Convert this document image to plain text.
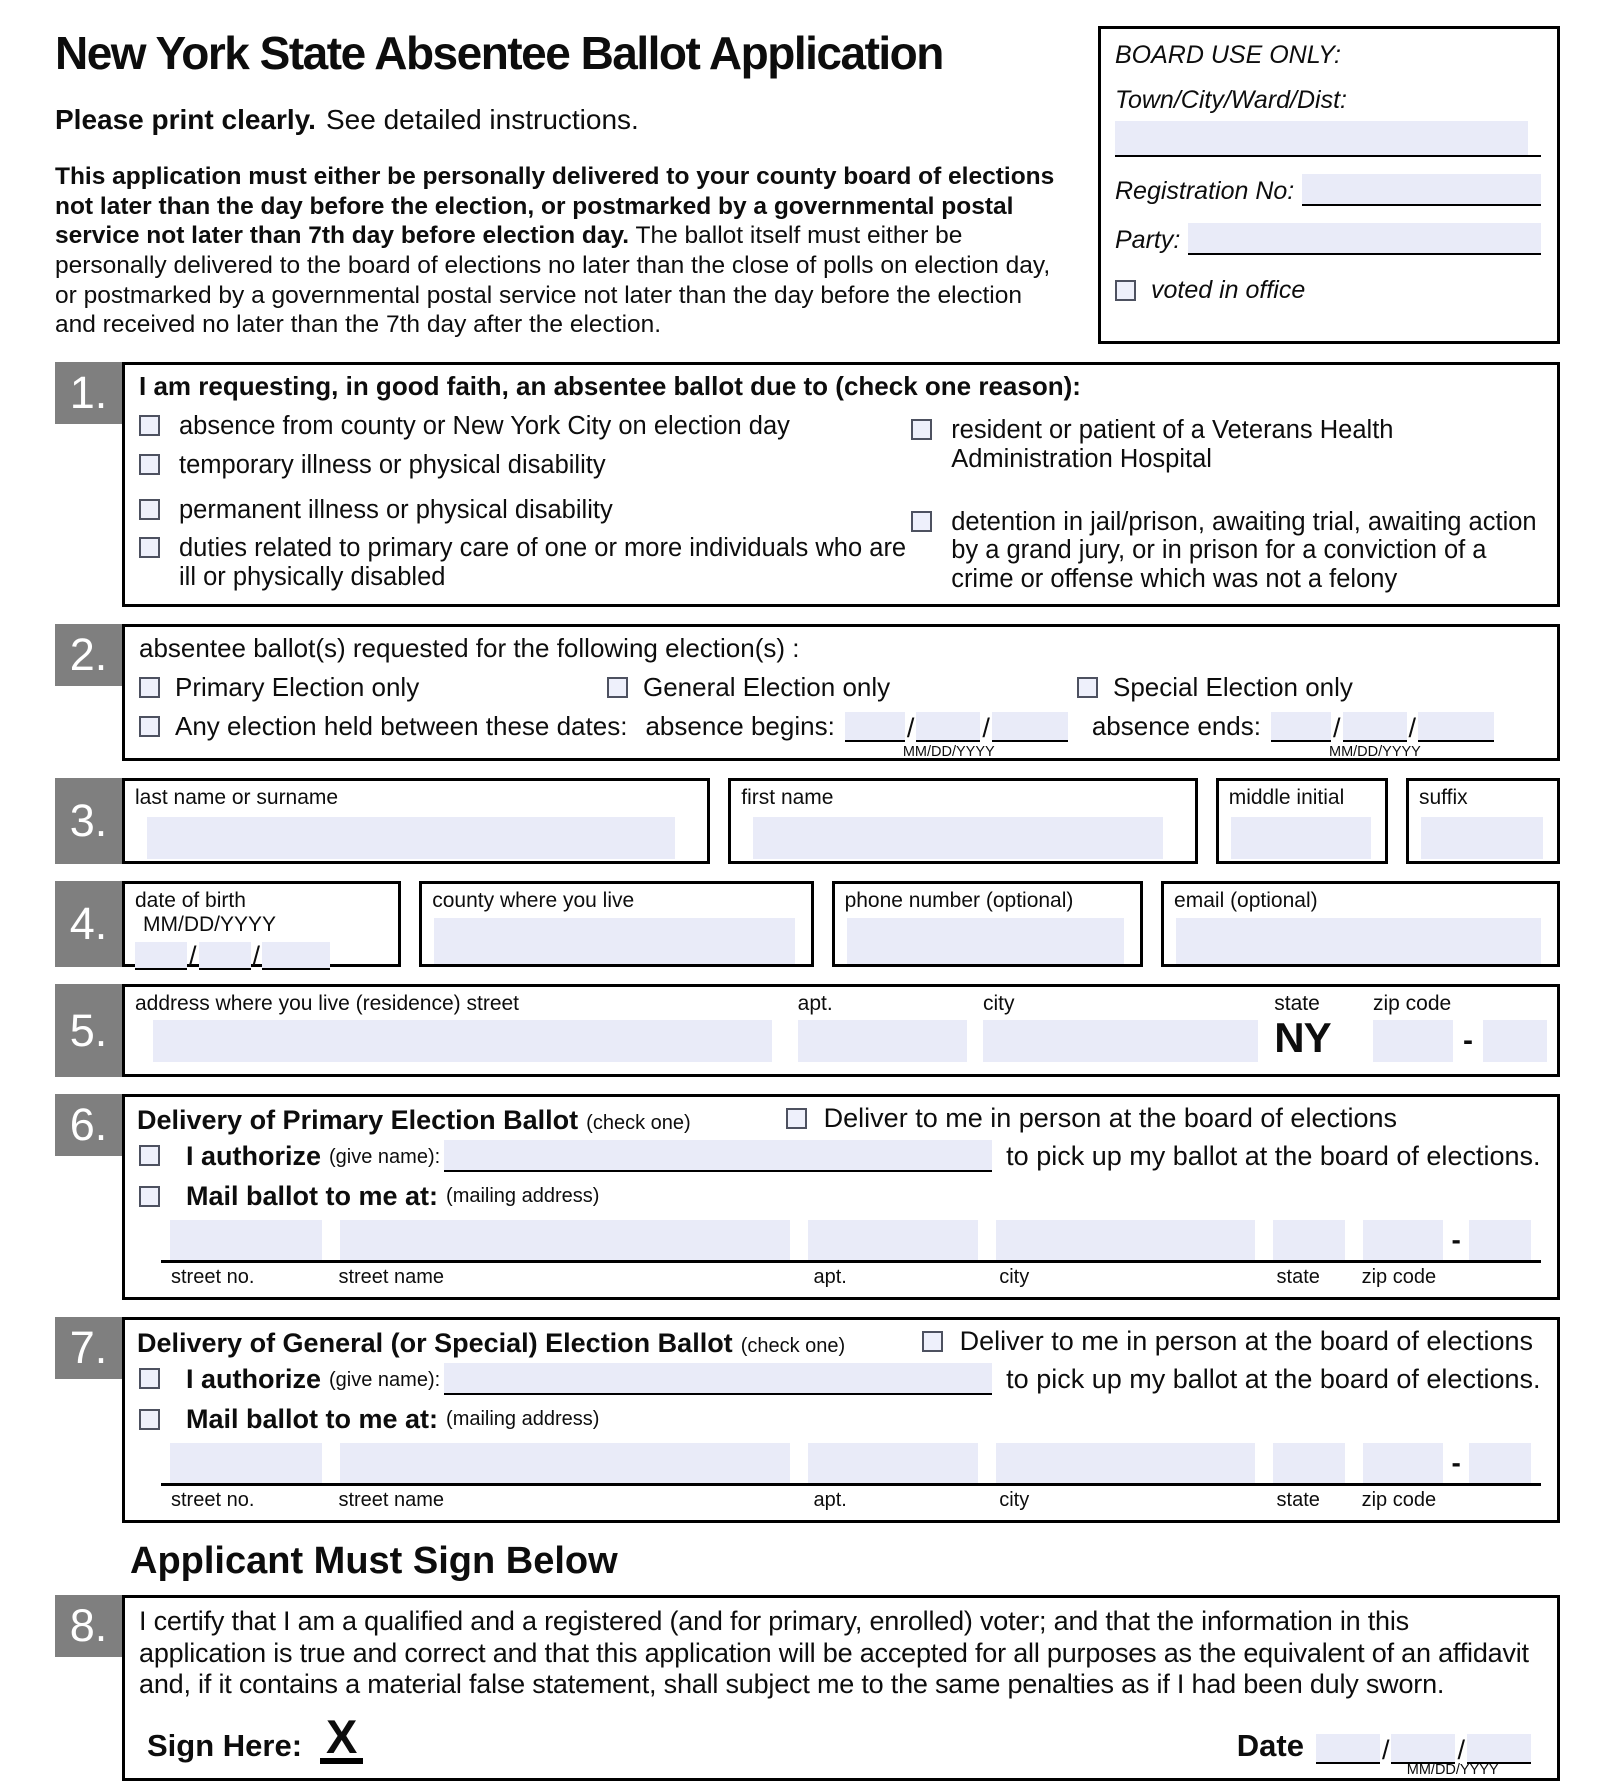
New York State Absentee Ballot Application

Please print clearly. See detailed instructions.

This application must either be personally delivered to your county board of elections not later than the day before the election, or postmarked by a governmental postal service not later than 7th day before election day. The ballot itself must either be personally delivered to the board of elections no later than the close of polls on election day, or postmarked by a governmental postal service not later than the day before the election and received no later than the 7th day after the election.

BOARD USE ONLY:
Town/City/Ward/Dist:
Registration No:
Party:
voted in office
1.	I am requesting, in good faith, an absentee ballot due to (check one reason):
absence from county or New York City on election day
temporary illness or physical disability
permanent illness or physical disability
duties related to primary care of one or more individuals who are ill or physically disabled
resident or patient of a Veterans Health Administration Hospital
detention in jail/prison, awaiting trial, awaiting action by a grand jury, or in prison for a conviction of a crime or offense which was not a felony
2.	absentee ballot(s) requested for the following election(s) :
Primary Election only	General Election only	Special Election only
Any election held between these dates: absence begins:	/	/
MM/DD/YYYY
absence ends:	/	/
MM/DD/YYYY
3.	last name or surname	first name	middle initial	suffix
4.	date of birth MM/DD/YYYY
/ /
county where you live	phone number (optional)	email (optional)
5.
address where you live (residence) street	apt.	city	state
NY
zip code
-
6.	Delivery of Primary Election Ballot (check one)	Deliver to me in person at the board of elections
I authorize (give name):	to pick up my ballot at the board of elections.
Mail ballot to me at: (mailing address)
-
street no.	street name	apt.	city	state	zip code
7.	Delivery of General (or Special) Election Ballot (check one)	Deliver to me in person at the board of elections
I authorize (give name):	to pick up my ballot at the board of elections.
Mail ballot to me at: (mailing address)
-
street no.	street name	apt.	city	state	zip code
Applicant Must Sign Below
8.	I certify that I am a qualified and a registered (and for primary, enrolled) voter; and that the information in this application is true and correct and that this application will be accepted for all purposes as the equivalent of an affidavit and, if it contains a material false statement, shall subject me to the same penalties as if I had been duly sworn.
Sign Here: X	Date	/	/
MM/DD/YYYY
